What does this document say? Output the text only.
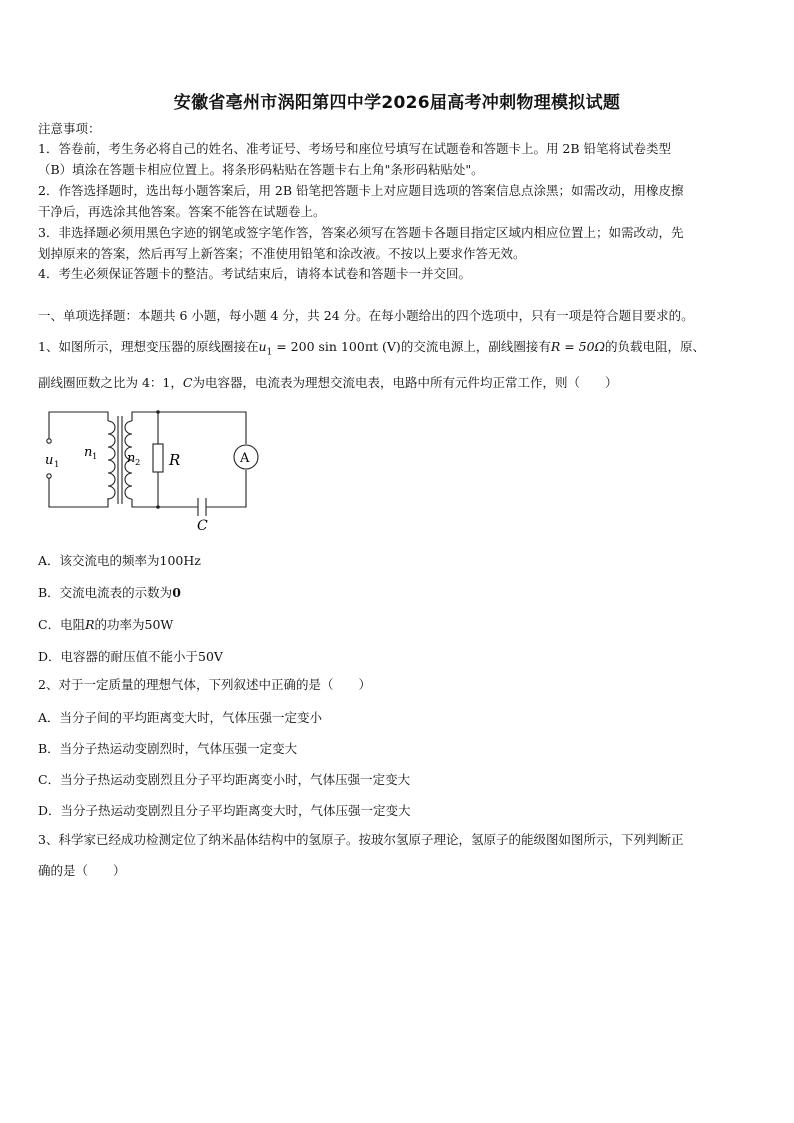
安徽省亳州市涡阳第四中学2026届高考冲刺物理模拟试题
注意事项：
1．答卷前，考生务必将自己的姓名、准考证号、考场号和座位号填写在试题卷和答题卡上。用 2B 铅笔将试卷类型
（B）填涂在答题卡相应位置上。将条形码粘贴在答题卡右上角"条形码粘贴处"。
2．作答选择题时，选出每小题答案后，用 2B 铅笔把答题卡上对应题目选项的答案信息点涂黑；如需改动，用橡皮擦
干净后，再选涂其他答案。答案不能答在试题卷上。
3．非选择题必须用黑色字迹的钢笔或签字笔作答，答案必须写在答题卡各题目指定区域内相应位置上；如需改动，先
划掉原来的答案，然后再写上新答案；不准使用铅笔和涂改液。不按以上要求作答无效。
4．考生必须保证答题卡的整洁。考试结束后，请将本试卷和答题卡一并交回。
一、单项选择题：本题共 6 小题，每小题 4 分，共 24 分。在每小题给出的四个选项中，只有一项是符合题目要求的。
1、如图所示，理想变压器的原线圈接在$u_1 = 200$ sin 100πt (V)的交流电源上，副线圈接有R = 50Ω的负载电阻，原、
副线圈匝数之比为 4：1，C为电容器，电流表为理想交流电表，电路中所有元件均正常工作，则（　　）
u 1
n 1 n 2 R	A
C
A．该交流电的频率为100Hz
B．交流电流表的示数为0
C．电阻R的功率为50W
D．电容器的耐压值不能小于50V
2、对于一定质量的理想气体，下列叙述中正确的是（　　）
A．当分子间的平均距离变大时，气体压强一定变小
B．当分子热运动变剧烈时，气体压强一定变大
C．当分子热运动变剧烈且分子平均距离变小时，气体压强一定变大
D．当分子热运动变剧烈且分子平均距离变大时，气体压强一定变大
3、科学家已经成功检测定位了纳米晶体结构中的氢原子。按玻尔氢原子理论，氢原子的能级图如图所示，下列判断正
确的是（　　）
